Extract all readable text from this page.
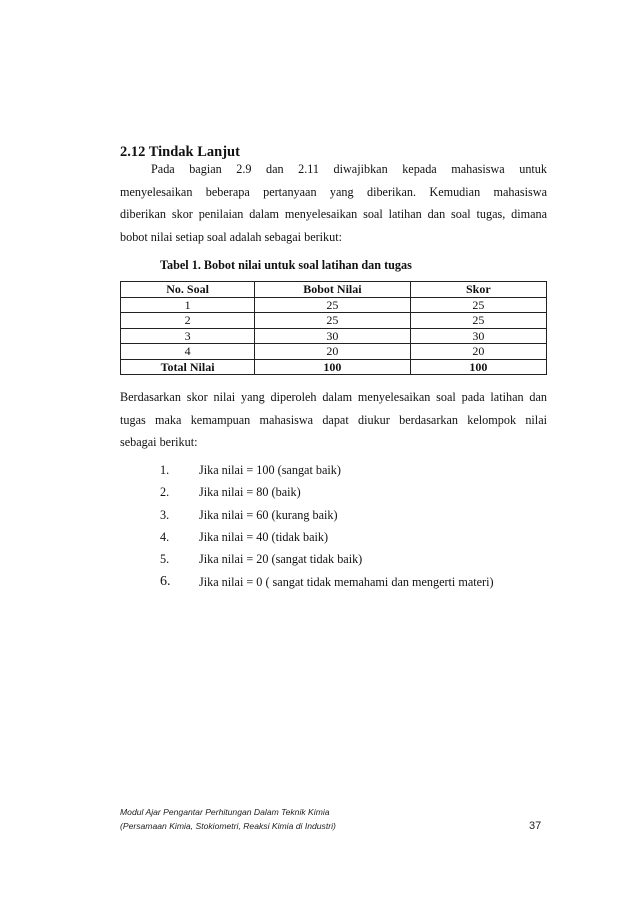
2.12 Tindak Lanjut
Pada bagian 2.9 dan 2.11 diwajibkan kepada mahasiswa untuk
menyelesaikan beberapa pertanyaan yang diberikan. Kemudian mahasiswa
diberikan skor penilaian dalam menyelesaikan soal latihan dan soal tugas, dimana
bobot nilai setiap soal adalah sebagai berikut:
Tabel 1. Bobot nilai untuk soal latihan dan tugas
No. Soal	Bobot Nilai	Skor
1	25	25
2	25	25
3	30	30
4	20	20
Total Nilai	100	100
Berdasarkan skor nilai yang diperoleh dalam menyelesaikan soal pada latihan dan
tugas maka kemampuan mahasiswa dapat diukur berdasarkan kelompok nilai
sebagai berikut:
1. Jika nilai = 100 (sangat baik)
2. Jika nilai = 80 (baik)
3. Jika nilai = 60 (kurang baik)
4. Jika nilai = 40 (tidak baik)
5. Jika nilai = 20 (sangat tidak baik)
6. Jika nilai = 0 ( sangat tidak memahami dan mengerti materi)
Modul Ajar Pengantar Perhitungan Dalam Teknik Kimia
(Persamaan Kimia, Stokiometri, Reaksi Kimia di Industri)	37
